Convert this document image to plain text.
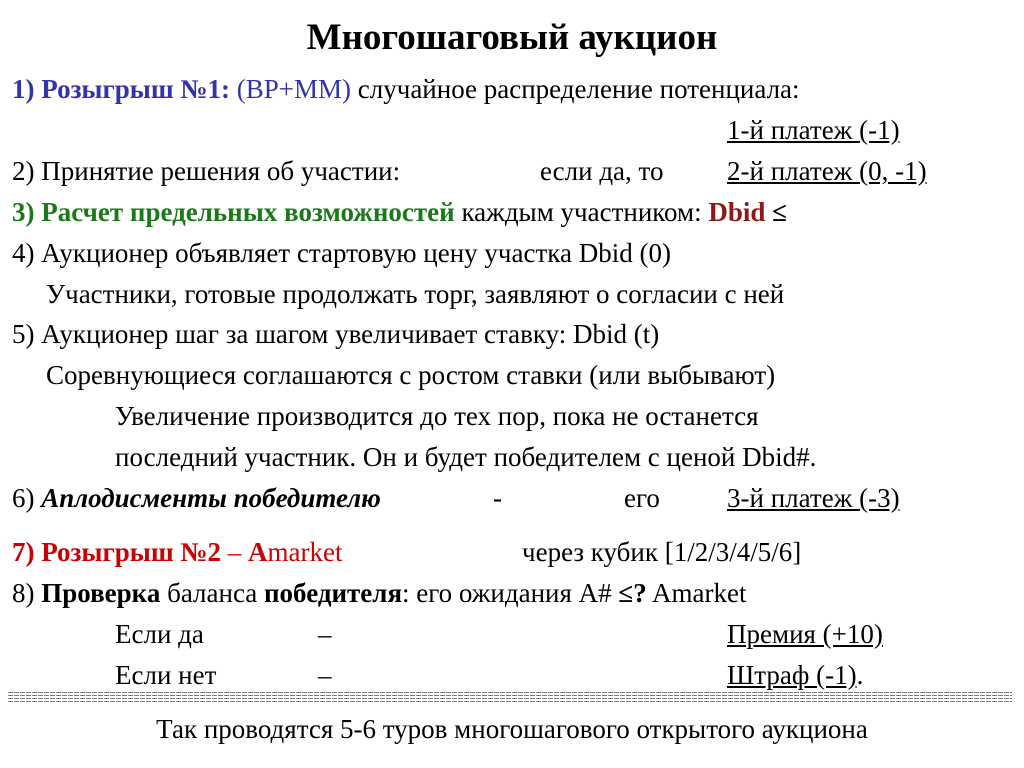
Многошаговый аукцион
1) Розыгрыш №1: (BP+MM) случайное распределение потенциала:
1-й платеж (-1)
2) Принятие решения об участии:	если да, то 2-й платеж (0, -1)
3) Расчет предельных возможностей каждым участником: Dbid ≤
4) Аукционер объявляет стартовую цену участка Dbid (0)
Участники, готовые продолжать торг, заявляют о согласии с ней
5) Аукционер шаг за шагом увеличивает ставку: Dbid (t)
Соревнующиеся соглашаются с ростом ставки (или выбывают)
Увеличение производится до тех пор, пока не останется
последний участник. Он и будет победителем с ценой Dbid#.
6) Аплодисменты победителю	-	его 3-й платеж (-3)
7) Розыгрыш №2 – Amarket	через кубик [1/2/3/4/5/6]
8) Проверка баланса победителя: его ожидания A# ≤? Amarket
Если да	–	Премия (+10)
Если нет	–	Штраф (-1).
Так проводятся 5-6 туров многошагового открытого аукциона
